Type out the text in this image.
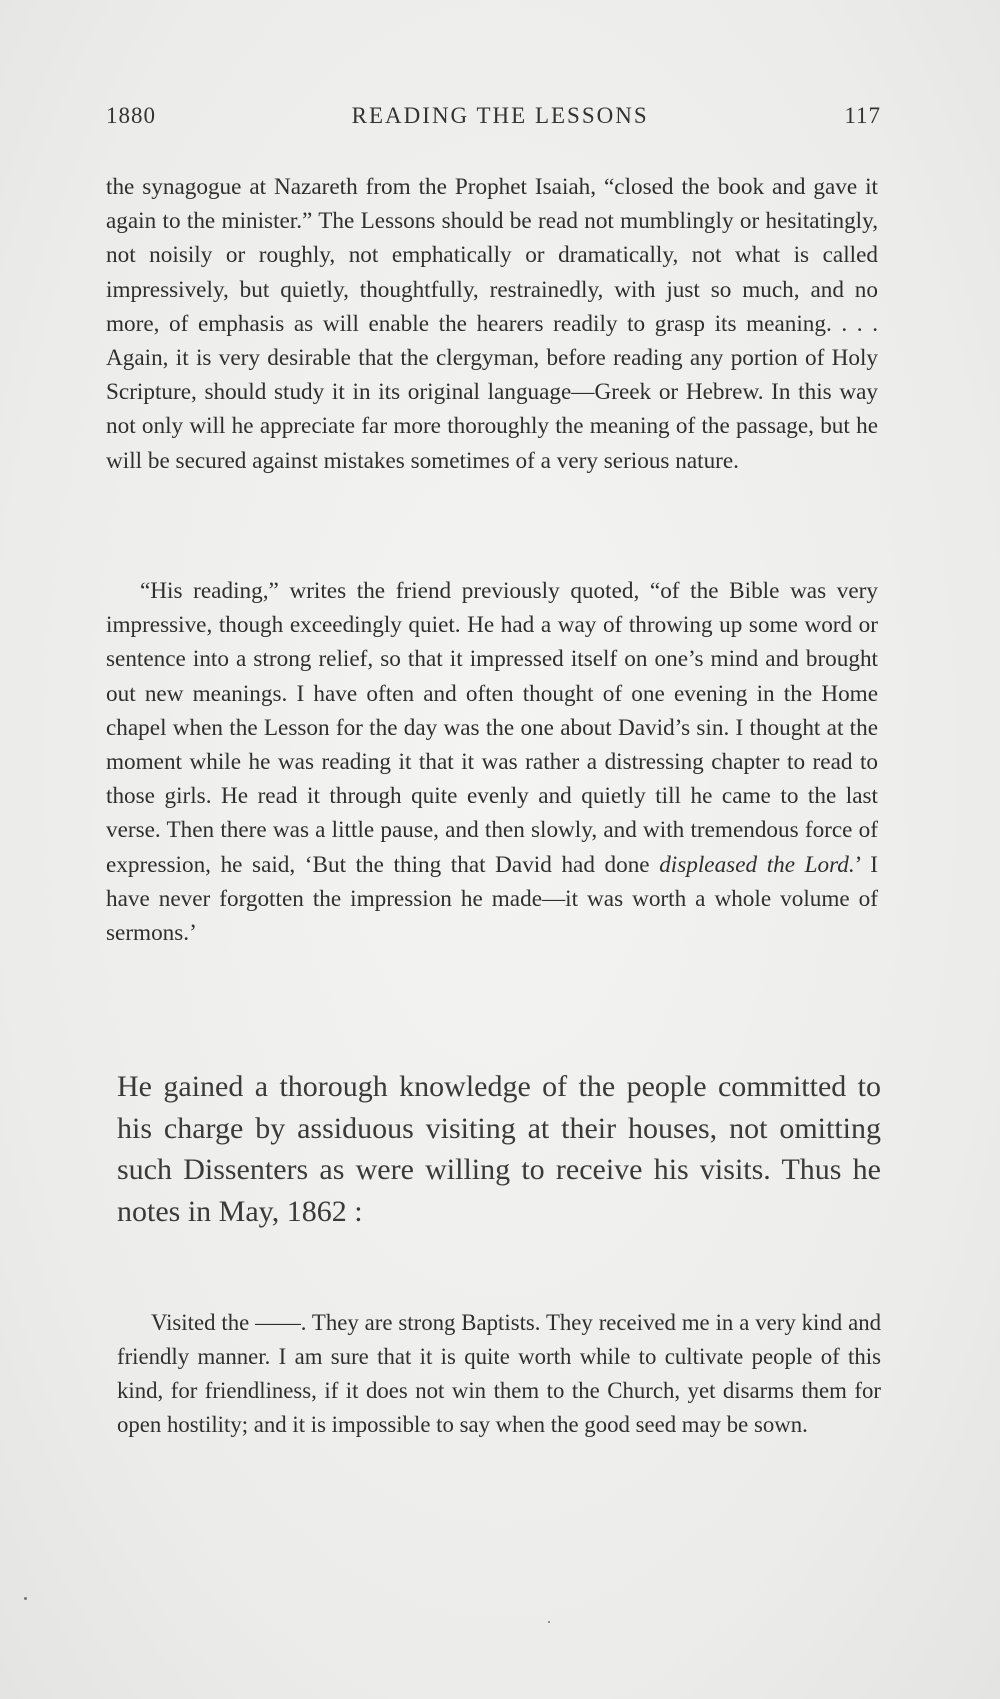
1880	READING THE LESSONS	117

the synagogue at Nazareth from the Prophet Isaiah, “closed the book and gave it again to the minister.” The Lessons should be read not mumblingly or hesitatingly, not noisily or roughly, not emphatically or dramatically, not what is called impressively, but quietly, thoughtfully, restrainedly, with just so much, and no more, of emphasis as will enable the hearers readily to grasp its meaning. . . . Again, it is very desirable that the clergyman, before reading any portion of Holy Scripture, should study it in its original language—Greek or Hebrew. In this way not only will he appreciate far more thoroughly the meaning of the passage, but he will be secured against mistakes sometimes of a very serious nature.

“His reading,” writes the friend previously quoted, “of the Bible was very impressive, though exceedingly quiet. He had a way of throwing up some word or sentence into a strong relief, so that it impressed itself on one’s mind and brought out new meanings. I have often and often thought of one evening in the Home chapel when the Lesson for the day was the one about David’s sin. I thought at the moment while he was reading it that it was rather a distressing chapter to read to those girls. He read it through quite evenly and quietly till he came to the last verse. Then there was a little pause, and then slowly, and with tremendous force of expression, he said, ‘But the thing that David had done displeased the Lord.’ I have never forgotten the impression he made—it was worth a whole volume of sermons.’

He gained a thorough knowledge of the people committed to his charge by assiduous visiting at their houses, not omitting such Dissenters as were willing to receive his visits. Thus he notes in May, 1862 :

Visited the ——. They are strong Baptists. They received me in a very kind and friendly manner. I am sure that it is quite worth while to cultivate people of this kind, for friendliness, if it does not win them to the Church, yet disarms them for open hostility; and it is impossible to say when the good seed may be sown.
